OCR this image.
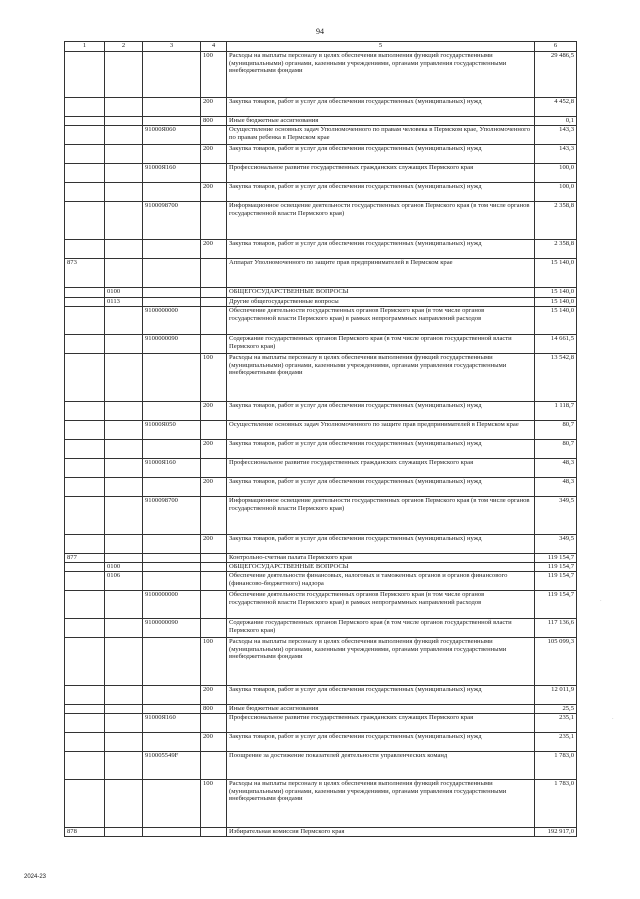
94
1	2	3	4	5	6
			100	Расходы на выплаты персоналу в целях обеспечения выполнения функций государственными (муниципальными) органами, казенными учреждениями, органами управления государственными внебюджетными фондами	29 486,5
			200	Закупка товаров, работ и услуг для обеспечения государственных (муниципальных) нужд	4 452,8
			800	Иные бюджетные ассигнования	0,1
		91000Я060		Осуществление основных задач Уполномоченного по правам человека в Пермском крае, Уполномоченного по правам ребенка в Пермском крае	143,3
			200	Закупка товаров, работ и услуг для обеспечения государственных (муниципальных) нужд	143,3
		91000Я160		Профессиональное развитие государственных гражданских служащих Пермского края	100,0
			200	Закупка товаров, работ и услуг для обеспечения государственных (муниципальных) нужд	100,0
		9100098700		Информационное освещение деятельности государственных органов Пермского края (в том числе органов государственной власти Пермского края)	2 358,8
			200	Закупка товаров, работ и услуг для обеспечения государственных (муниципальных) нужд	2 358,8
873				Аппарат Уполномоченного по защите прав предпринимателей в Пермском крае	15 140,0
	0100			ОБЩЕГОСУДАРСТВЕННЫЕ ВОПРОСЫ	15 140,0
	0113			Другие общегосударственные вопросы	15 140,0
		9100000000		Обеспечение деятельности государственных органов Пермского края (в том числе органов государственной власти Пермского края) в рамках непрограммных направлений расходов	15 140,0
		9100000090		Содержание государственных органов Пермского края (в том числе органов государственной власти Пермского края)	14 661,5
			100	Расходы на выплаты персоналу в целях обеспечения выполнения функций государственными (муниципальными) органами, казенными учреждениями, органами управления государственными внебюджетными фондами	13 542,8
			200	Закупка товаров, работ и услуг для обеспечения государственных (муниципальных) нужд	1 118,7
		91000Я050		Осуществление основных задач Уполномоченного по защите прав предпринимателей в Пермском крае	80,7
			200	Закупка товаров, работ и услуг для обеспечения государственных (муниципальных) нужд	80,7
		91000Я160		Профессиональное развитие государственных гражданских служащих Пермского края	48,3
			200	Закупка товаров, работ и услуг для обеспечения государственных (муниципальных) нужд	48,3
		9100098700		Информационное освещение деятельности государственных органов Пермского края (в том числе органов государственной власти Пермского края)	349,5
			200	Закупка товаров, работ и услуг для обеспечения государственных (муниципальных) нужд	349,5
877				Контрольно-счетная палата Пермского края	119 154,7
	0100			ОБЩЕГОСУДАРСТВЕННЫЕ ВОПРОСЫ	119 154,7
	0106			Обеспечение деятельности финансовых, налоговых и таможенных органов и органов финансового (финансово-бюджетного) надзора	119 154,7
		9100000000		Обеспечение деятельности государственных органов Пермского края (в том числе органов государственной власти Пермского края) в рамках непрограммных направлений расходов	119 154,7
		9100000090		Содержание государственных органов Пермского края (в том числе органов государственной власти Пермского края)	117 136,6
			100	Расходы на выплаты персоналу в целях обеспечения выполнения функций государственными (муниципальными) органами, казенными учреждениями, органами управления государственными внебюджетными фондами	105 099,3
			200	Закупка товаров, работ и услуг для обеспечения государственных (муниципальных) нужд	12 011,9
			800	Иные бюджетные ассигнования	25,5
		91000Я160		Профессиональное развитие государственных гражданских служащих Пермского края	235,1
			200	Закупка товаров, работ и услуг для обеспечения государственных (муниципальных) нужд	235,1
		910005549F		Поощрение за достижение показателей деятельности управленческих команд	1 783,0
			100	Расходы на выплаты персоналу в целях обеспечения выполнения функций государственными (муниципальными) органами, казенными учреждениями, органами управления государственными внебюджетными фондами	1 783,0
878				Избирательная комиссия Пермского края	192 917,0
2024-23
·
·
